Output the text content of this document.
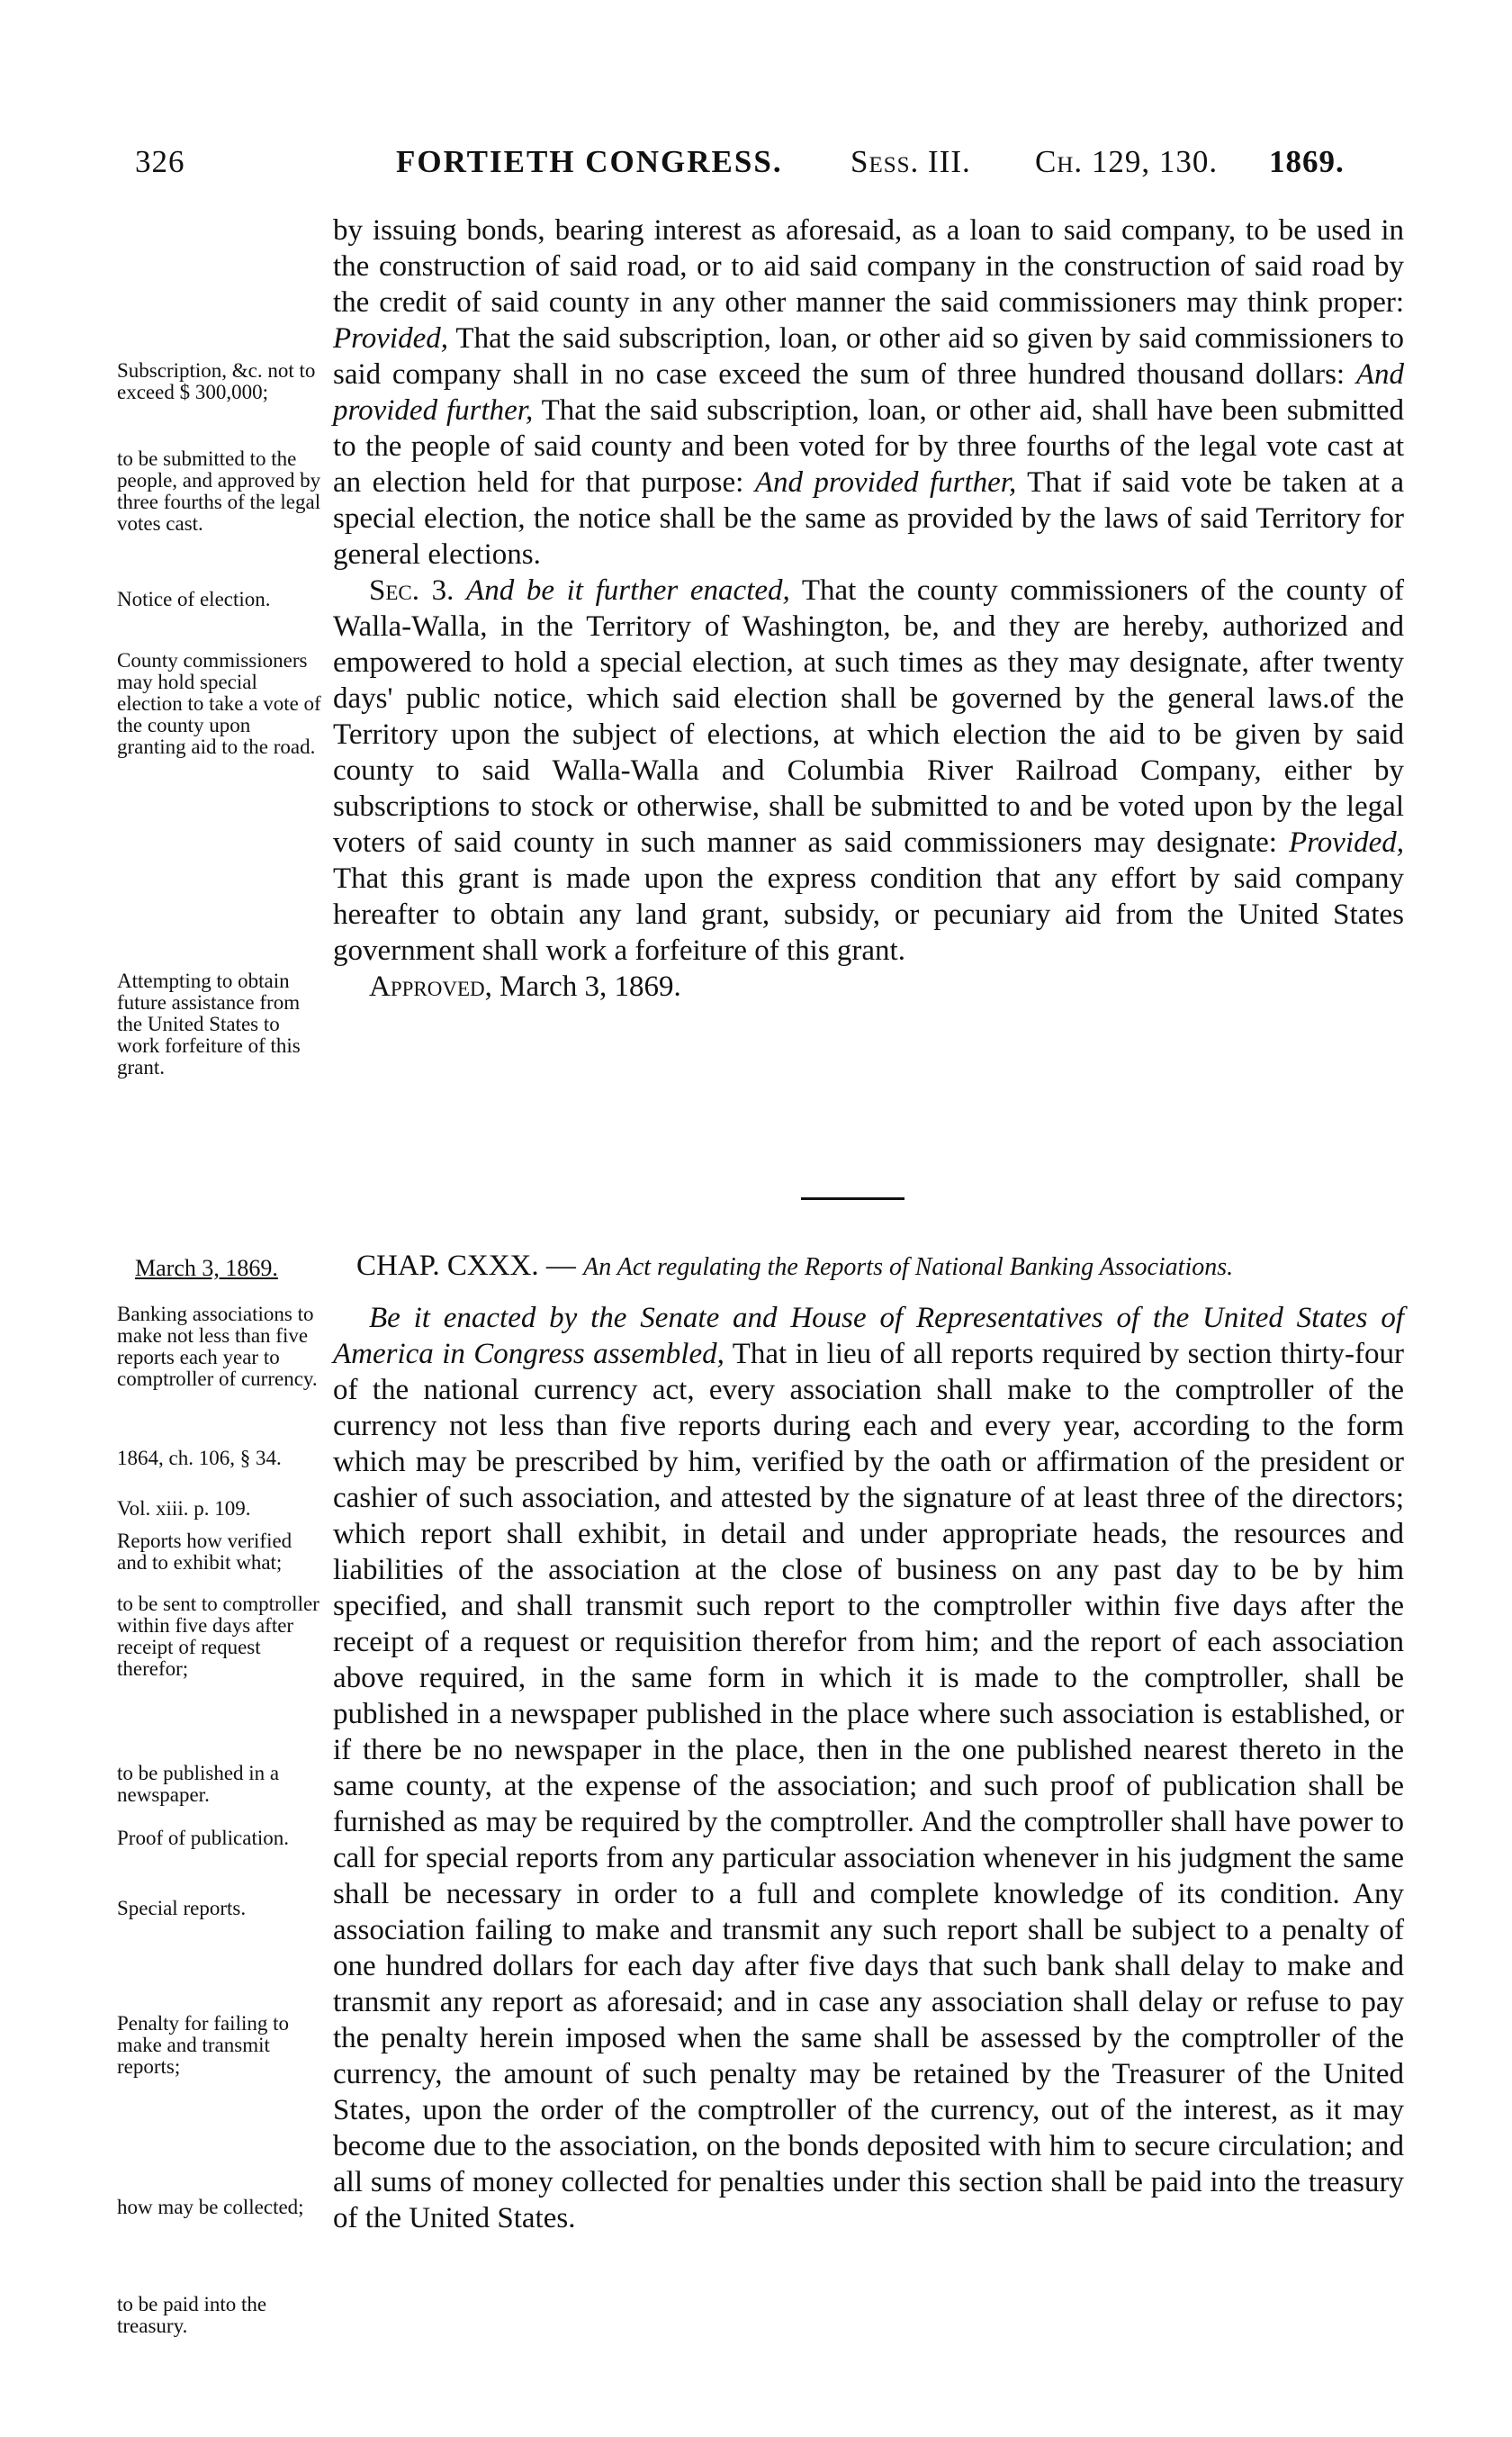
326	FORTIETH CONGRESS. Sess. III. Ch. 129, 130. 1869.
Subscription, &c. not to exceed $ 300,000;
to be submitted to the people, and approved by three fourths of the legal votes cast.
Notice of election.
County commissioners may hold special election to take a vote of the county upon granting aid to the road.
Attempting to obtain future assistance from the United States to work forfeiture of this grant.

by issuing bonds, bearing interest as aforesaid, as a loan to said company, to be used in the construction of said road, or to aid said company in the construction of said road by the credit of said county in any other manner the said commissioners may think proper: Provided, That the said subscription, loan, or other aid so given by said commissioners to said company shall in no case exceed the sum of three hundred thousand dollars: And provided further, That the said subscription, loan, or other aid, shall have been submitted to the people of said county and been voted for by three fourths of the legal vote cast at an election held for that purpose: And provided further, That if said vote be taken at a special election, the notice shall be the same as provided by the laws of said Territory for general elections.

Sec. 3. And be it further enacted, That the county commissioners of the county of Walla-Walla, in the Territory of Washington, be, and they are hereby, authorized and empowered to hold a special election, at such times as they may designate, after twenty days' public notice, which said election shall be governed by the general laws.of the Territory upon the subject of elections, at which election the aid to be given by said county to said Walla-Walla and Columbia River Railroad Company, either by subscriptions to stock or otherwise, shall be submitted to and be voted upon by the legal voters of said county in such manner as said commissioners may designate: Provided, That this grant is made upon the express condition that any effort by said company hereafter to obtain any land grant, subsidy, or pecuniary aid from the United States government shall work a forfeiture of this grant.

Approved, March 3, 1869.

March 3, 1869.	CHAP. CXXX. — An Act regulating the Reports of National Banking Associations.
Banking associations to make not less than five reports each year to comptroller of currency.
1864, ch. 106, § 34.
Vol. xiii. p. 109.
Reports how verified and to exhibit what;
to be sent to comptroller within five days after receipt of request therefor;
to be published in a newspaper.
Proof of publication.
Special reports.
Penalty for failing to make and transmit reports;
how may be collected;
to be paid into the treasury.

Be it enacted by the Senate and House of Representatives of the United States of America in Congress assembled, That in lieu of all reports required by section thirty-four of the national currency act, every association shall make to the comptroller of the currency not less than five reports during each and every year, according to the form which may be prescribed by him, verified by the oath or affirmation of the president or cashier of such association, and attested by the signature of at least three of the directors; which report shall exhibit, in detail and under appropriate heads, the resources and liabilities of the association at the close of business on any past day to be by him specified, and shall transmit such report to the comptroller within five days after the receipt of a request or requisition therefor from him; and the report of each association above required, in the same form in which it is made to the comptroller, shall be published in a newspaper published in the place where such association is established, or if there be no newspaper in the place, then in the one published nearest thereto in the same county, at the expense of the association; and such proof of publication shall be furnished as may be required by the comptroller. And the comptroller shall have power to call for special reports from any particular association whenever in his judgment the same shall be necessary in order to a full and complete knowledge of its condition. Any association failing to make and transmit any such report shall be subject to a penalty of one hundred dollars for each day after five days that such bank shall delay to make and transmit any report as aforesaid; and in case any association shall delay or refuse to pay the penalty herein imposed when the same shall be assessed by the comptroller of the currency, the amount of such penalty may be retained by the Treasurer of the United States, upon the order of the comptroller of the currency, out of the interest, as it may become due to the association, on the bonds deposited with him to secure circulation; and all sums of money collected for penalties under this section shall be paid into the treasury of the United States.
